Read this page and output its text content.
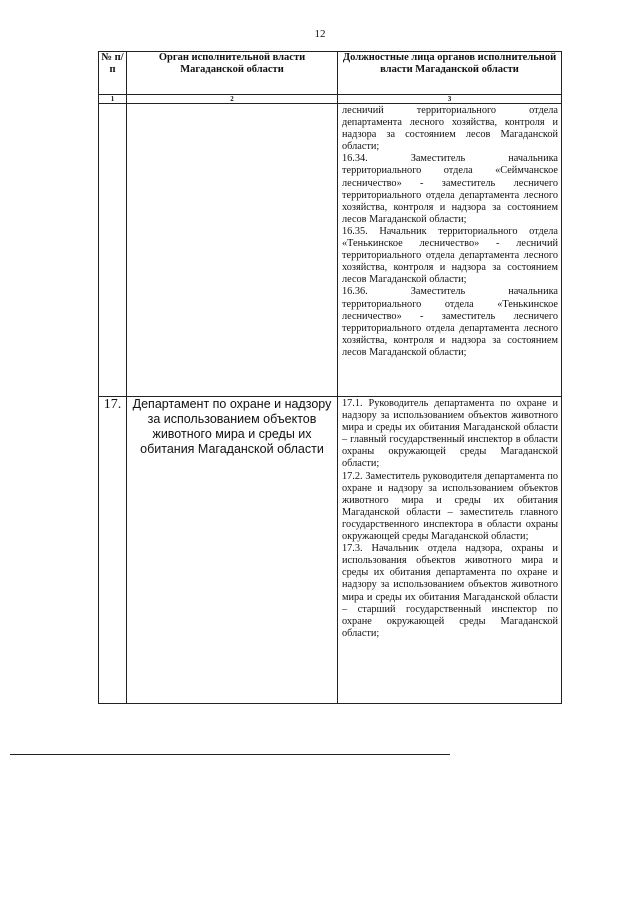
12
№ п/п	Орган исполнительной власти Магаданской области	Должностные лица органов исполнительной власти Магаданской области
1	2	3

		лесничий территориального отдела департамента лесного хозяйства, контроля и надзора за состоянием лесов Магаданской области;

16.34. Заместитель начальника территориального отдела «Сеймчанское лесничество» - заместитель лесничего территориального отдела департамента лесного хозяйства, контроля и надзора за состоянием лесов Магаданской области;

16.35. Начальник территориального отдела «Тенькинское лесничество» - лесничий территориального отдела департамента лесного хозяйства, контроля и надзора за состоянием лесов Магаданской области;

16.36. Заместитель начальника территориального отдела «Тенькинское лесничество» - заместитель лесничего территориального отдела департамента лесного хозяйства, контроля и надзора за состоянием лесов Магаданской области;

17.	Департамент по охране и надзору за использованием объектов животного мира и среды их обитания Магаданской области	17.1. Руководитель департамента по охране и надзору за использованием объектов животного мира и среды их обитания Магаданской области – главный государственный инспектор в области охраны окружающей среды Магаданской области;

17.2. Заместитель руководителя департамента по охране и надзору за использованием объектов животного мира и среды их обитания Магаданской области – заместитель главного государственного инспектора в области охраны окружающей среды Магаданской области;

17.3. Начальник отдела надзора, охраны и использования объектов животного мира и среды их обитания департамента по охране и надзору за использованием объектов животного мира и среды их обитания Магаданской области – старший государственный инспектор по охране окружающей среды Магаданской области;
